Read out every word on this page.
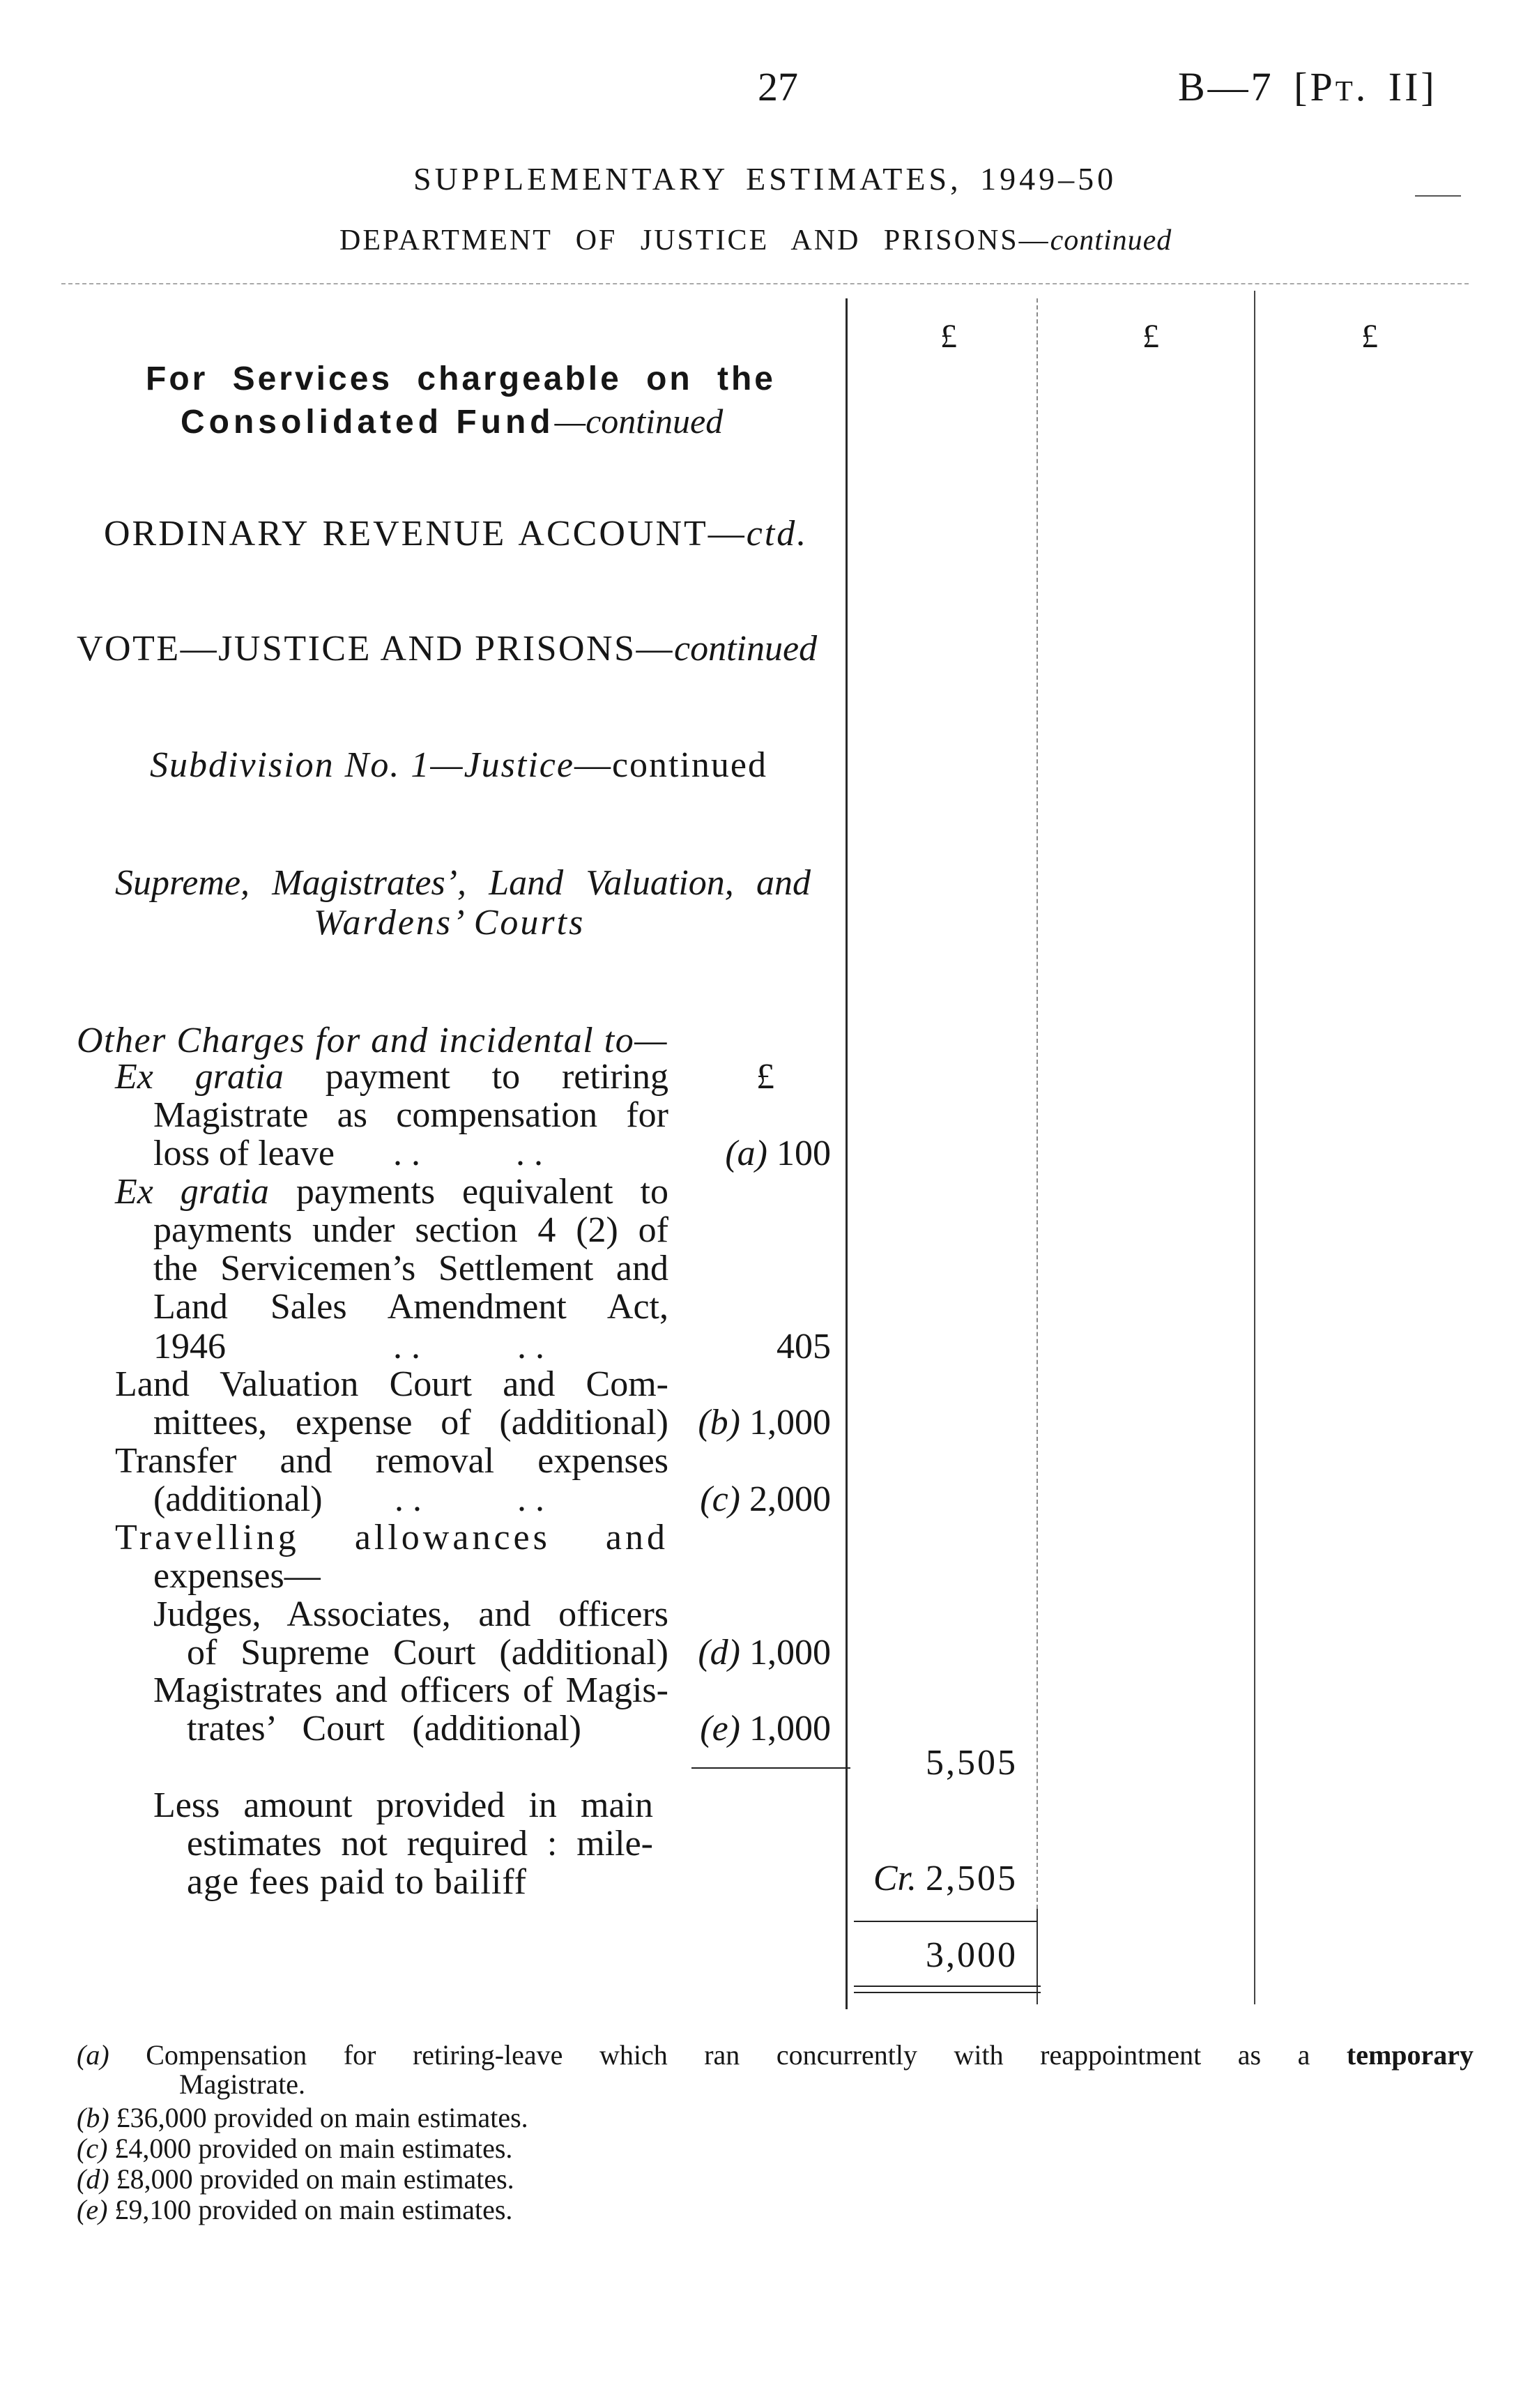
27	B—7 [Pt. II]
SUPPLEMENTARY ESTIMATES, 1949–50
DEPARTMENT OF JUSTICE AND PRISONS—continued
£	£	£
For Services chargeable on the
Consolidated Fund—continued
ORDINARY REVENUE ACCOUNT—ctd.
VOTE—JUSTICE AND PRISONS—continued
Subdivision No. 1—Justice—continued
Supreme, Magistrates’, Land Valuation, and
Wardens’ Courts
Other Charges for and incidental to—
£
Ex gratia payment to retiring
Magistrate as compensation for
loss of leave . .	. .	(a) 100
Ex gratia payments equivalent to
payments under section 4 (2) of
the Servicemen’s Settlement and
Land Sales Amendment Act,
1946	. .	. .	405
Land Valuation Court and Com-
mittees, expense of (additional) (b) 1,000
Transfer and removal expenses
(additional) . .	. .	(c) 2,000
Travelling allowances and
expenses—
Judges, Associates, and officers
of Supreme Court (additional) (d) 1,000
Magistrates and officers of Magis-
trates’ Court (additional)	(e) 1,000
5,505
Less amount provided in main
estimates not required : mile-
age fees paid to bailiff	Cr. 2,505
3,000
(a) Compensation for retiring-leave which ran concurrently with reappointment as a temporary
Magistrate.
(b) £36,000 provided on main estimates.
(c) £4,000 provided on main estimates.
(d) £8,000 provided on main estimates.
(e) £9,100 provided on main estimates.
